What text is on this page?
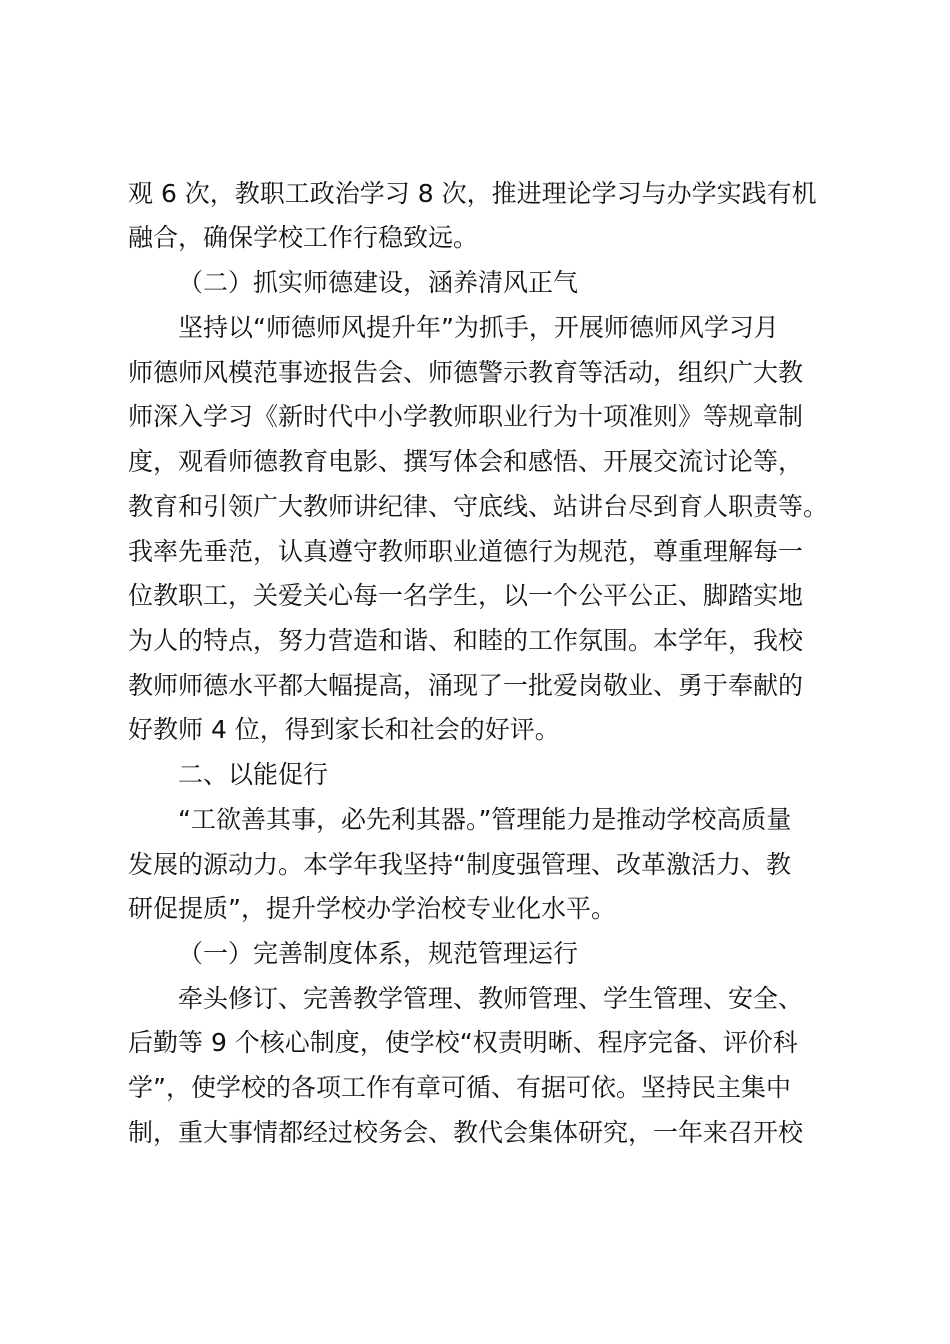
观 6 次，教职工政治学习 8 次，推进理论学习与办学实践有机
融合，确保学校工作行稳致远。
（二）抓实师德建设，涵养清风正气
坚持以“师德师风提升年”为抓手，开展师德师风学习月
师德师风模范事迹报告会、师德警示教育等活动，组织广大教
师深入学习《新时代中小学教师职业行为十项准则》等规章制
度，观看师德教育电影、撰写体会和感悟、开展交流讨论等，
教育和引领广大教师讲纪律、守底线、站讲台尽到育人职责等。
我率先垂范，认真遵守教师职业道德行为规范，尊重理解每一
位教职工，关爱关心每一名学生，以一个公平公正、脚踏实地
为人的特点，努力营造和谐、和睦的工作氛围。本学年，我校
教师师德水平都大幅提高，涌现了一批爱岗敬业、勇于奉献的
好教师 4 位，得到家长和社会的好评。
二、以能促行
“工欲善其事，必先利其器。”管理能力是推动学校高质量
发展的源动力。本学年我坚持“制度强管理、改革激活力、教
研促提质”，提升学校办学治校专业化水平。
（一）完善制度体系，规范管理运行
牵头修订、完善教学管理、教师管理、学生管理、安全、
后勤等 9 个核心制度，使学校“权责明晰、程序完备、评价科
学”，使学校的各项工作有章可循、有据可依。坚持民主集中
制，重大事情都经过校务会、教代会集体研究，一年来召开校
